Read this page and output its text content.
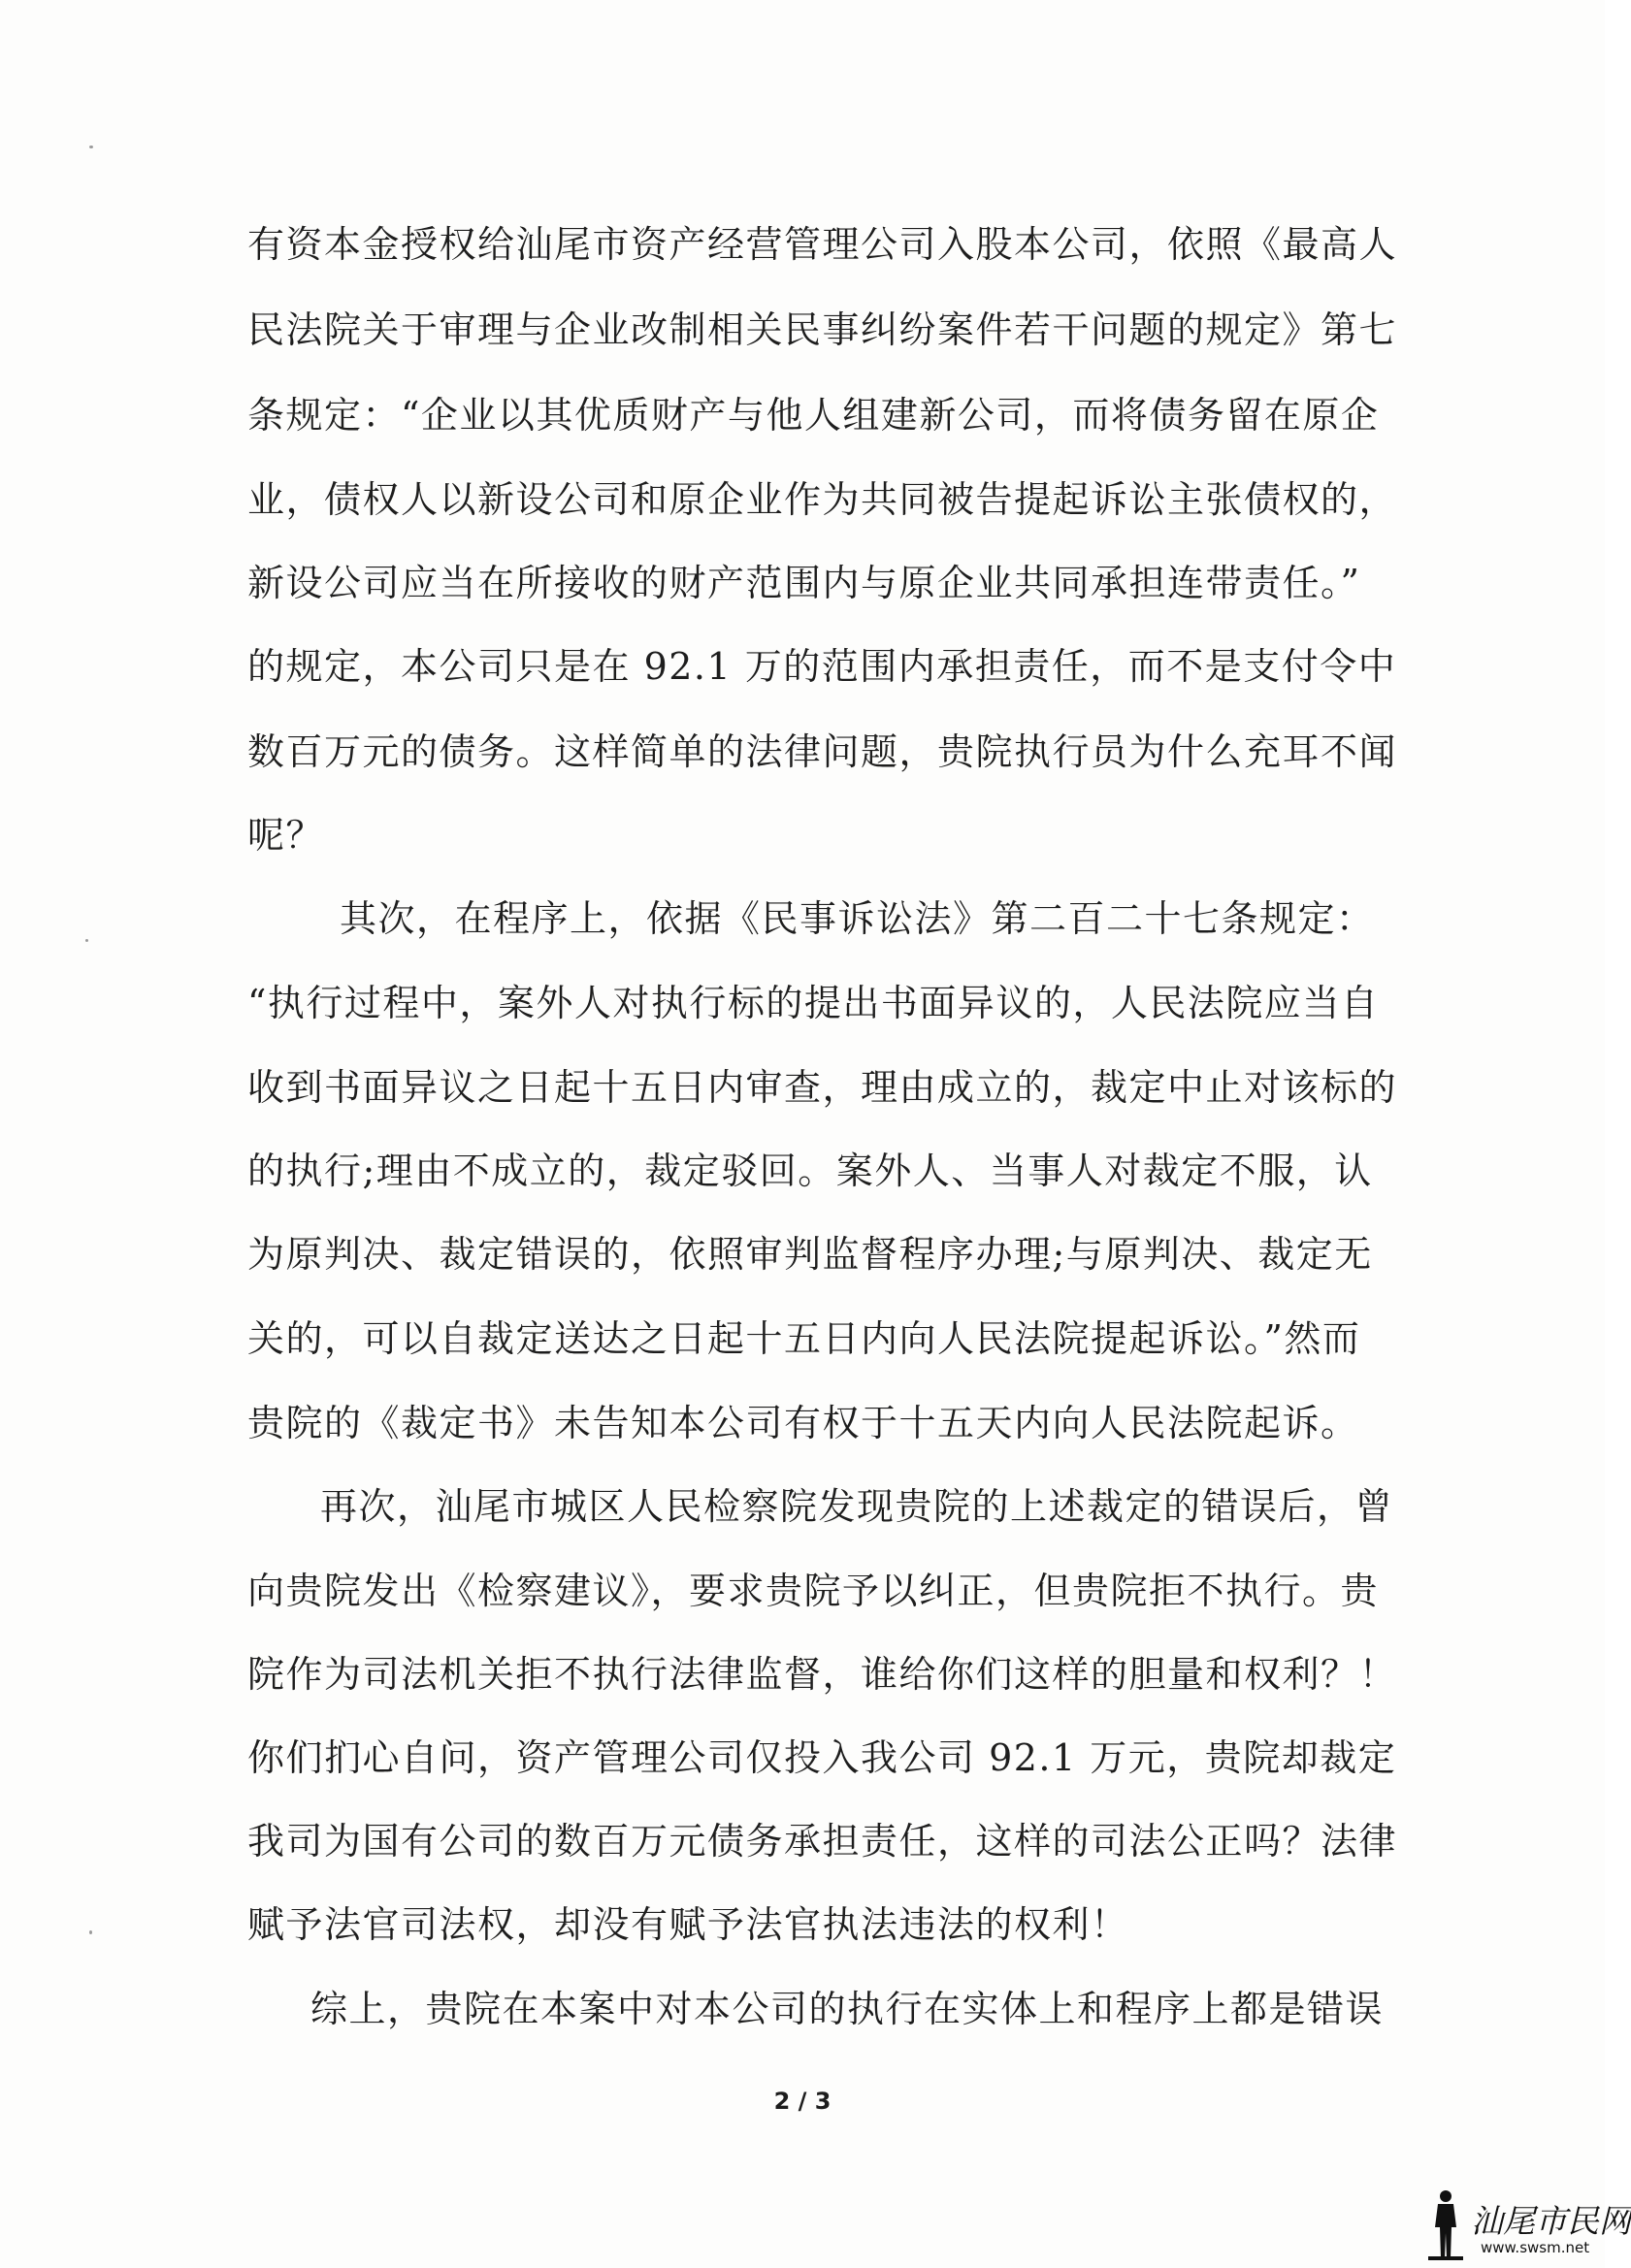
有资本金授权给汕尾市资产经营管理公司入股本公司，依照《最高人
民法院关于审理与企业改制相关民事纠纷案件若干问题的规定》第七
条规定：“企业以其优质财产与他人组建新公司，而将债务留在原企
业，债权人以新设公司和原企业作为共同被告提起诉讼主张债权的，
新设公司应当在所接收的财产范围内与原企业共同承担连带责任。”
的规定，本公司只是在 92.1 万的范围内承担责任，而不是支付令中
数百万元的债务。这样简单的法律问题，贵院执行员为什么充耳不闻
呢？
其次，在程序上，依据《民事诉讼法》第二百二十七条规定：
“执行过程中，案外人对执行标的提出书面异议的，人民法院应当自
收到书面异议之日起十五日内审查，理由成立的，裁定中止对该标的
的执行;理由不成立的，裁定驳回。案外人、当事人对裁定不服，认
为原判决、裁定错误的，依照审判监督程序办理;与原判决、裁定无
关的，可以自裁定送达之日起十五日内向人民法院提起诉讼。”然而
贵院的《裁定书》未告知本公司有权于十五天内向人民法院起诉。
再次，汕尾市城区人民检察院发现贵院的上述裁定的错误后，曾
向贵院发出《检察建议》，要求贵院予以纠正，但贵院拒不执行。贵
院作为司法机关拒不执行法律监督，谁给你们这样的胆量和权利？！
你们扪心自问，资产管理公司仅投入我公司 92.1 万元，贵院却裁定
我司为国有公司的数百万元债务承担责任，这样的司法公正吗？法律
赋予法官司法权，却没有赋予法官执法违法的权利！
综上，贵院在本案中对本公司的执行在实体上和程序上都是错误
2 / 3
汕尾市民网
www.swsm.net
